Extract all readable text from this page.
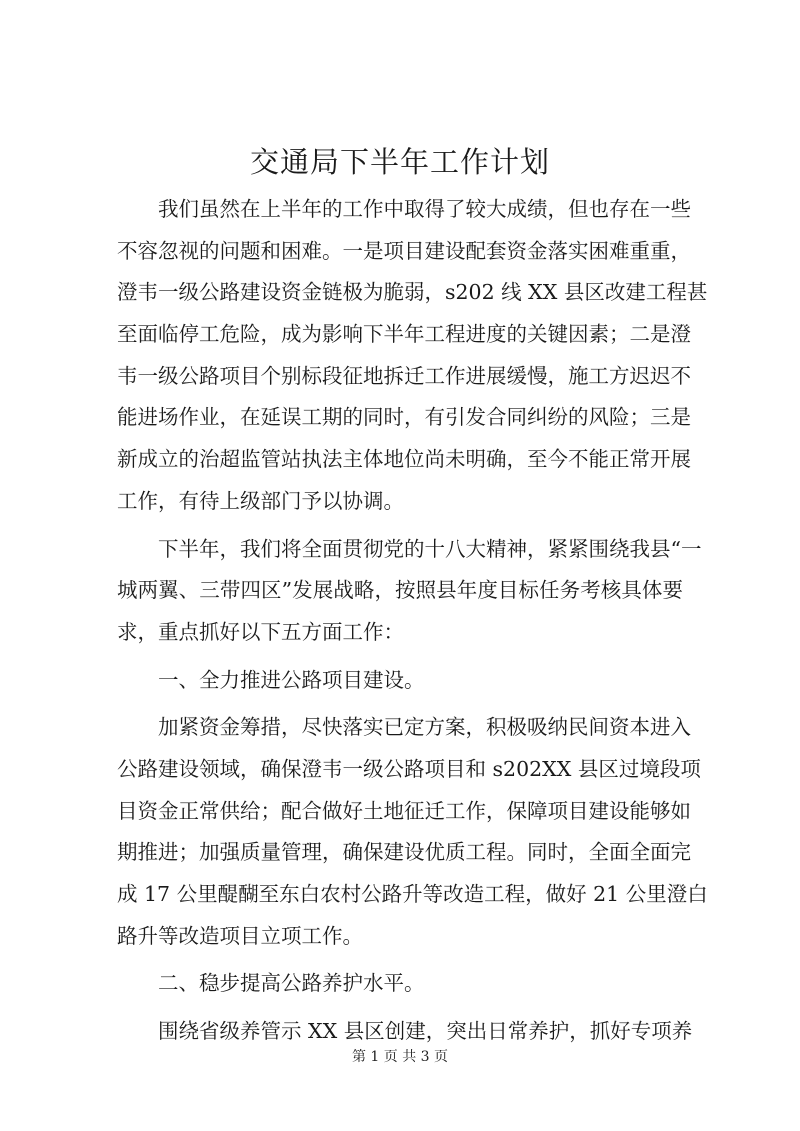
交通局下半年工作计划
我们虽然在上半年的工作中取得了较大成绩，但也存在一些
不容忽视的问题和困难。一是项目建设配套资金落实困难重重，
澄韦一级公路建设资金链极为脆弱，s202 线 XX 县区改建工程甚
至面临停工危险，成为影响下半年工程进度的关键因素；二是澄
韦一级公路项目个别标段征地拆迁工作进展缓慢，施工方迟迟不
能进场作业，在延误工期的同时，有引发合同纠纷的风险；三是
新成立的治超监管站执法主体地位尚未明确，至今不能正常开展
工作，有待上级部门予以协调。
下半年，我们将全面贯彻党的十八大精神，紧紧围绕我县“一
城两翼、三带四区”发展战略，按照县年度目标任务考核具体要
求，重点抓好以下五方面工作：
一、全力推进公路项目建设。
加紧资金筹措，尽快落实已定方案，积极吸纳民间资本进入
公路建设领域，确保澄韦一级公路项目和 s202XX 县区过境段项
目资金正常供给；配合做好土地征迁工作，保障项目建设能够如
期推进；加强质量管理，确保建设优质工程。同时，全面全面完
成 17 公里醍醐至东白农村公路升等改造工程，做好 21 公里澄白
路升等改造项目立项工作。
二、稳步提高公路养护水平。
围绕省级养管示 XX 县区创建，突出日常养护，抓好专项养
第 1 页 共 3 页
